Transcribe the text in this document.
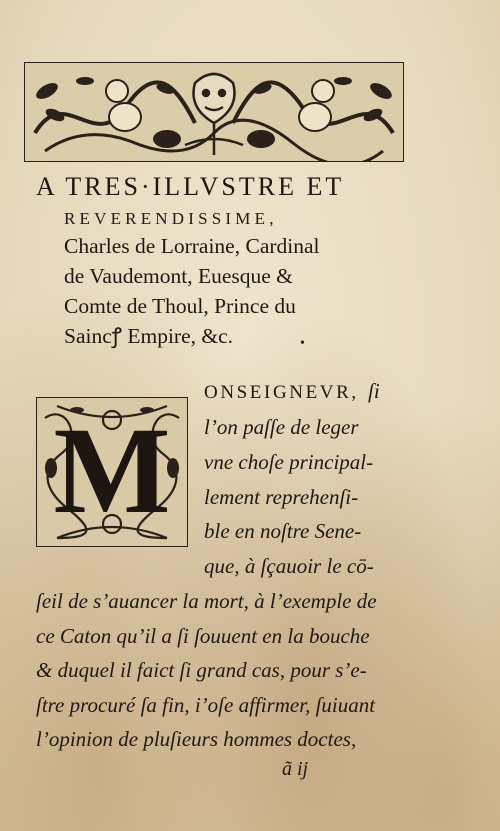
A TRES·ILLVSTRE ET
REVERENDISSIME,
Charles de Lorraine, Cardinal
de Vaudemont, Euesque &
Comte de Thoul, Prince du
Saincꝭ Empire, &c.	•
M
ONSEIGNEVR, ſi
l’on paſſe de leger
vne choſe principal-
lement reprehenſi-
ble en noſtre Sene-
que, à ſçauoir le cō-
ſeil de s’auancer la mort, à l’exemple de
ce Caton qu’il a ſi ſouuent en la bouche
& duquel il faict ſi grand cas, pour s’e-
ſtre procuré ſa fin, i’oſe affirmer, ſuiuant
l’opinion de pluſieurs hommes doctes,
ã ij
